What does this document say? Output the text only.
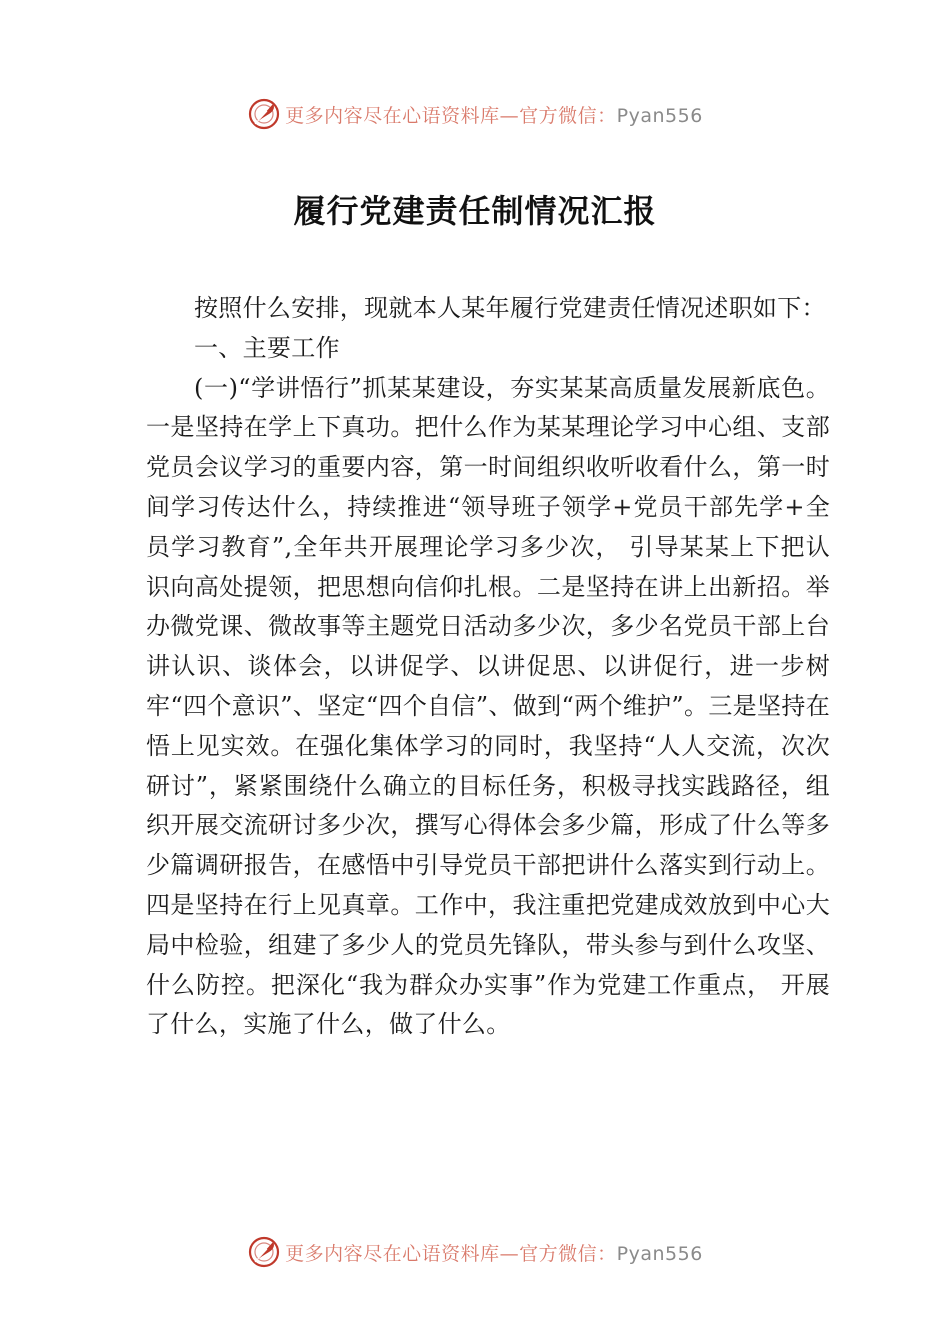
更多内容尽在心语资料库—官方微信：Pyan556
履行党建责任制情况汇报

按照什么安排，现就本人某年履行党建责任情况述职如下：

一、主要工作

(一)“学讲悟行”抓某某建设，夯实某某高质量发展新底色。一是坚持在学上下真功。把什么作为某某理论学习中心组、支部党员会议学习的重要内容，第一时间组织收听收看什么，第一时间学习传达什么，持续推进“领导班子领学+党员干部先学+全员学习教育”,全年共开展理论学习多少次， 引导某某上下把认识向高处提领，把思想向信仰扎根。二是坚持在讲上出新招。举办微党课、微故事等主题党日活动多少次，多少名党员干部上台讲认识、谈体会，以讲促学、以讲促思、以讲促行，进一步树牢“四个意识”、坚定“四个自信”、做到“两个维护”。三是坚持在悟上见实效。在强化集体学习的同时，我坚持“人人交流，次次研讨”，紧紧围绕什么确立的目标任务，积极寻找实践路径，组织开展交流研讨多少次，撰写心得体会多少篇，形成了什么等多少篇调研报告，在感悟中引导党员干部把讲什么落实到行动上。四是坚持在行上见真章。工作中，我注重把党建成效放到中心大局中检验，组建了多少人的党员先锋队，带头参与到什么攻坚、什么防控。把深化“我为群众办实事”作为党建工作重点， 开展了什么，实施了什么，做了什么。

更多内容尽在心语资料库—官方微信：Pyan556
